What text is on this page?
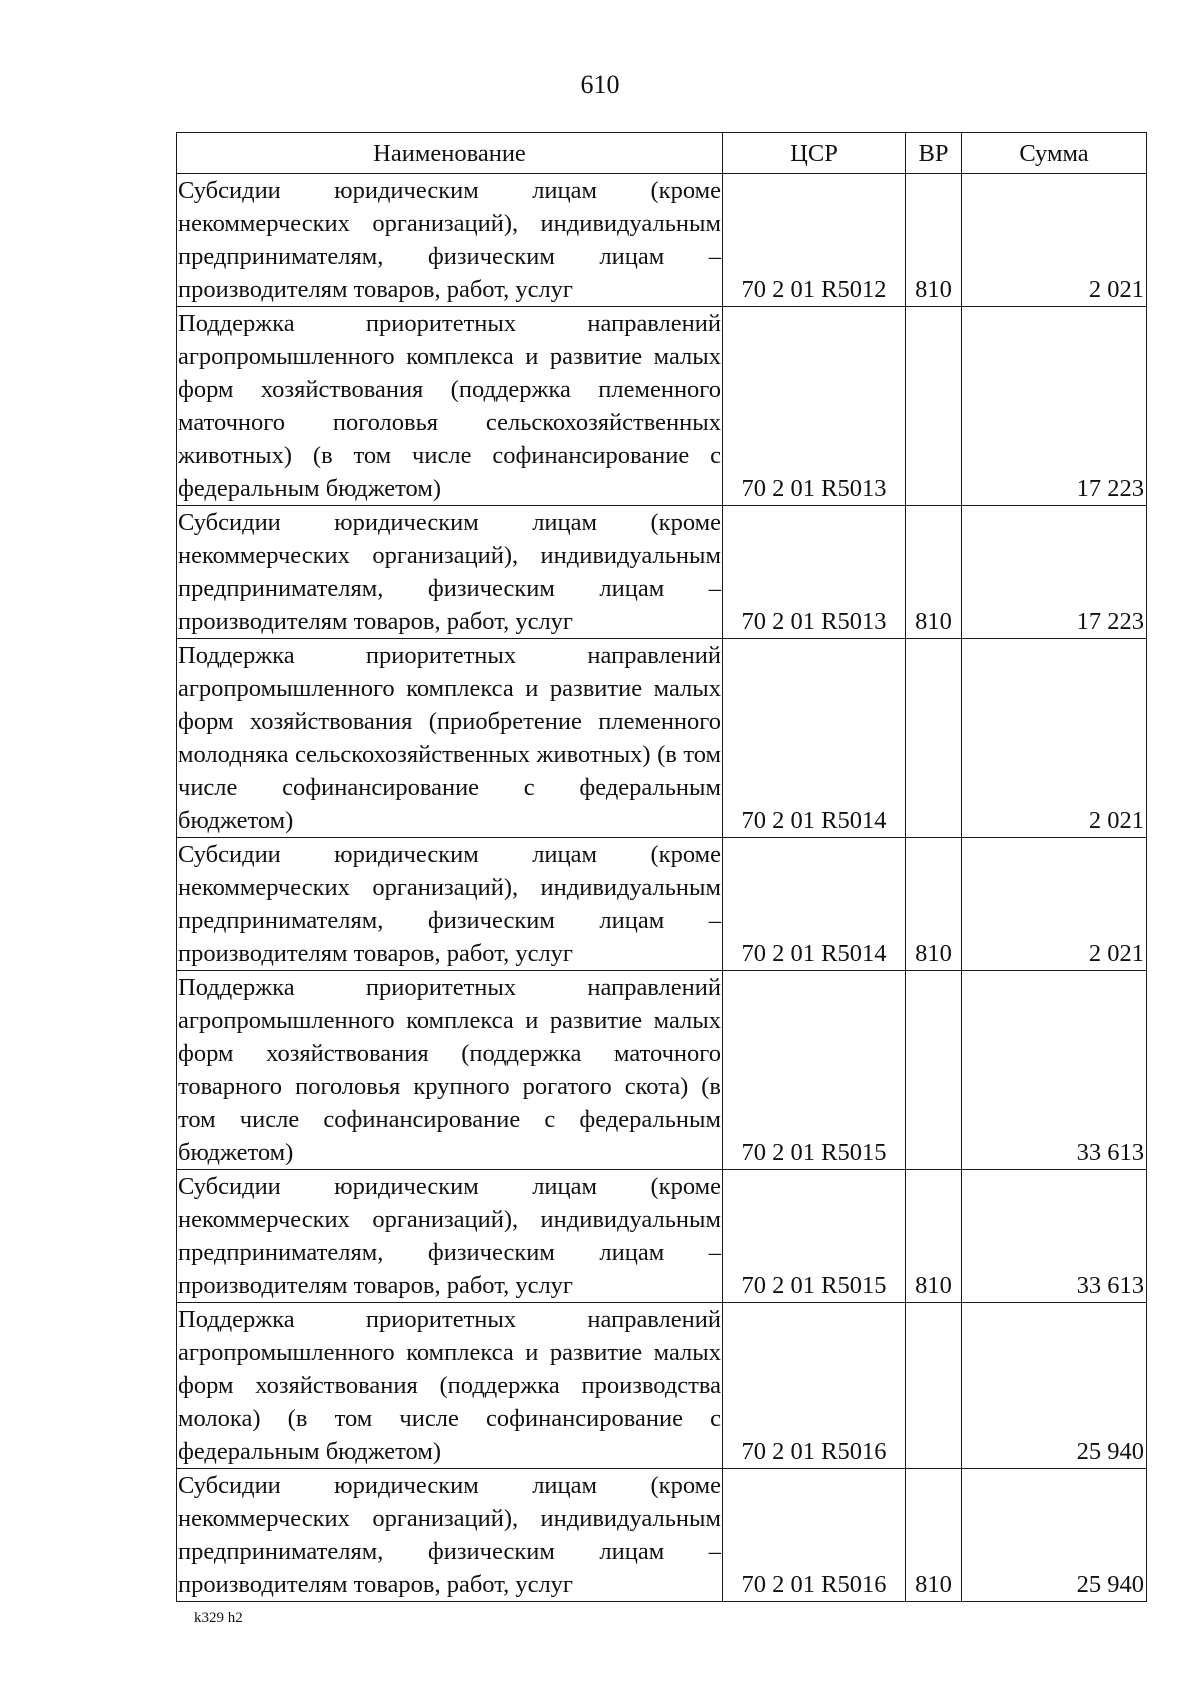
610
Наименование	ЦСР	ВР	Сумма
Субсидии юридическим лицам (кроме некоммерческих организаций), индивидуальным предпринимателям, физическим лицам – производителям товаров, работ, услуг	70 2 01 R5012	810	2 021
Поддержка приоритетных направлений агропромышленного комплекса и развитие малых форм хозяйствования (поддержка племенного маточного поголовья сельскохозяйственных животных) (в том числе софинансирование с федеральным бюджетом)	70 2 01 R5013		17 223
Субсидии юридическим лицам (кроме некоммерческих организаций), индивидуальным предпринимателям, физическим лицам – производителям товаров, работ, услуг	70 2 01 R5013	810	17 223
Поддержка приоритетных направлений агропромышленного комплекса и развитие малых форм хозяйствования (приобретение племенного молодняка сельскохозяйственных животных) (в том числе софинансирование с федеральным бюджетом)	70 2 01 R5014		2 021
Субсидии юридическим лицам (кроме некоммерческих организаций), индивидуальным предпринимателям, физическим лицам – производителям товаров, работ, услуг	70 2 01 R5014	810	2 021
Поддержка приоритетных направлений агропромышленного комплекса и развитие малых форм хозяйствования (поддержка маточного товарного поголовья крупного рогатого скота) (в том числе софинансирование с федеральным бюджетом)	70 2 01 R5015		33 613
Субсидии юридическим лицам (кроме некоммерческих организаций), индивидуальным предпринимателям, физическим лицам – производителям товаров, работ, услуг	70 2 01 R5015	810	33 613
Поддержка приоритетных направлений агропромышленного комплекса и развитие малых форм хозяйствования (поддержка производства молока) (в том числе софинансирование с федеральным бюджетом)	70 2 01 R5016		25 940
Субсидии юридическим лицам (кроме некоммерческих организаций), индивидуальным предпринимателям, физическим лицам – производителям товаров, работ, услуг	70 2 01 R5016	810	25 940
k329 h2
